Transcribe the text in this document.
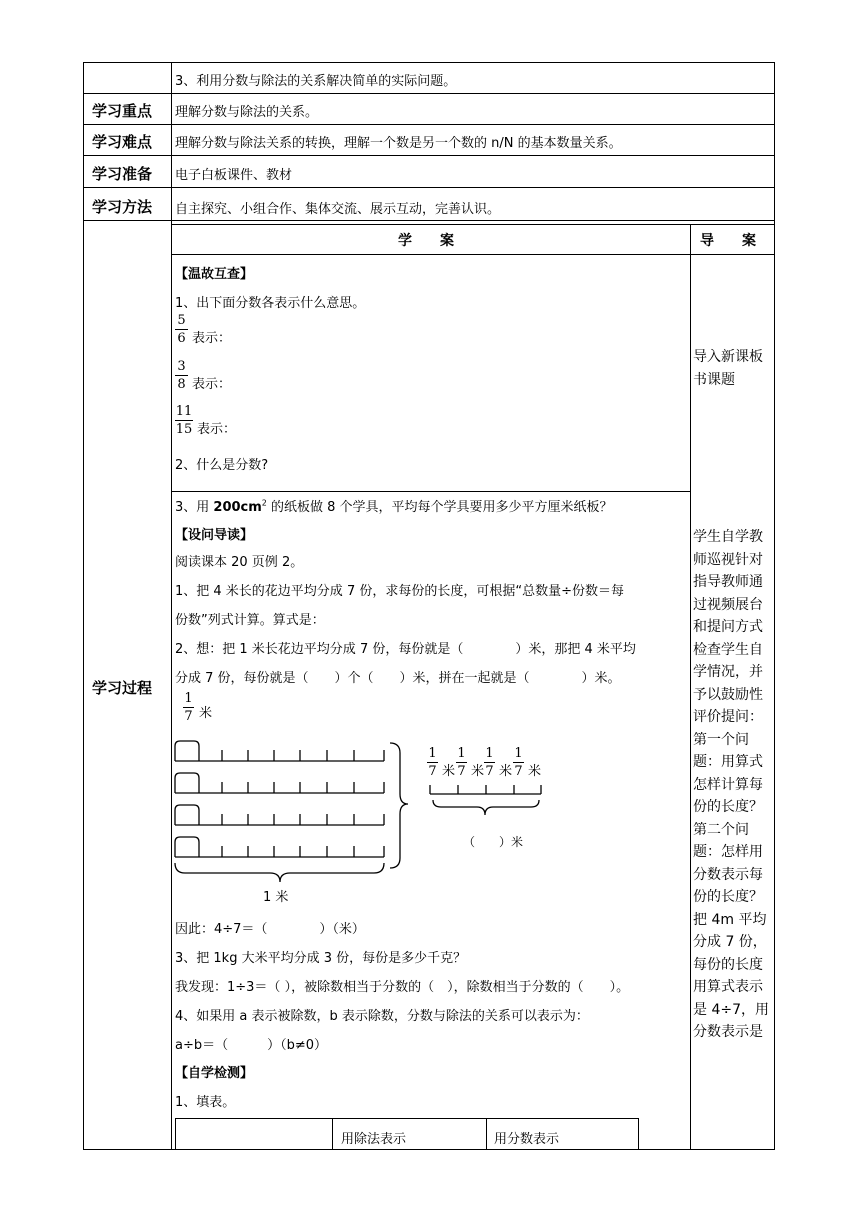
3、利用分数与除法的关系解决简单的实际问题。
学习重点 理解分数与除法的关系。
学习难点 理解分数与除法关系的转换，理解一个数是另一个数的 n/N 的基本数量关系。
学习准备 电子白板课件、教材
学习方法 自主探究、小组合作、集体交流、展示互动，完善认识。
学习过程
学　　案	导　　案
【温故互查】
1、出下面分数各表示什么意思。
5
6 表示：
3
8 表示：
11
15 表示：
2、什么是分数?
3、用 $200cm^2$ 的纸板做 8 个学具，平均每个学具要用多少平方厘米纸板？
【设问导读】
阅读课本 20 页例 2。
1、把 4 米长的花边平均分成 7 份，求每份的长度，可根据“总数量÷份数＝每
份数”列式计算。算式是：
2、想：把 1 米长花边平均分成 7 份，每份就是（　　　　）米，那把 4 米平均
分成 7 份，每份就是（　　）个（　　）米，拼在一起就是（　　　　）米。
1
7 米
1 米
1
7 米
1
7 米
1
7 米
1
7 米
（　　）米
因此：4÷7＝（　　　　）（米）
3、把 1kg 大米平均分成 3 份，每份是多少千克？
我发现：1÷3＝（ ），被除数相当于分数的（　），除数相当于分数的（　　）。
4、如果用 a 表示被除数，b 表示除数，分数与除法的关系可以表示为：
a÷b＝（　　　）（b≠0）
【自学检测】
1、填表。
用除法表示	用分数表示
导入新课板书课题
学生自学教师巡视针对指导教师通过视频展台和提问方式检查学生自学情况，并予以鼓励性评价提问：第一个问题：用算式怎样计算每份的长度？第二个问题：怎样用分数表示每份的长度？把 4m 平均分成 7 份，每份的长度用算式表示是 4÷7，用分数表示是
